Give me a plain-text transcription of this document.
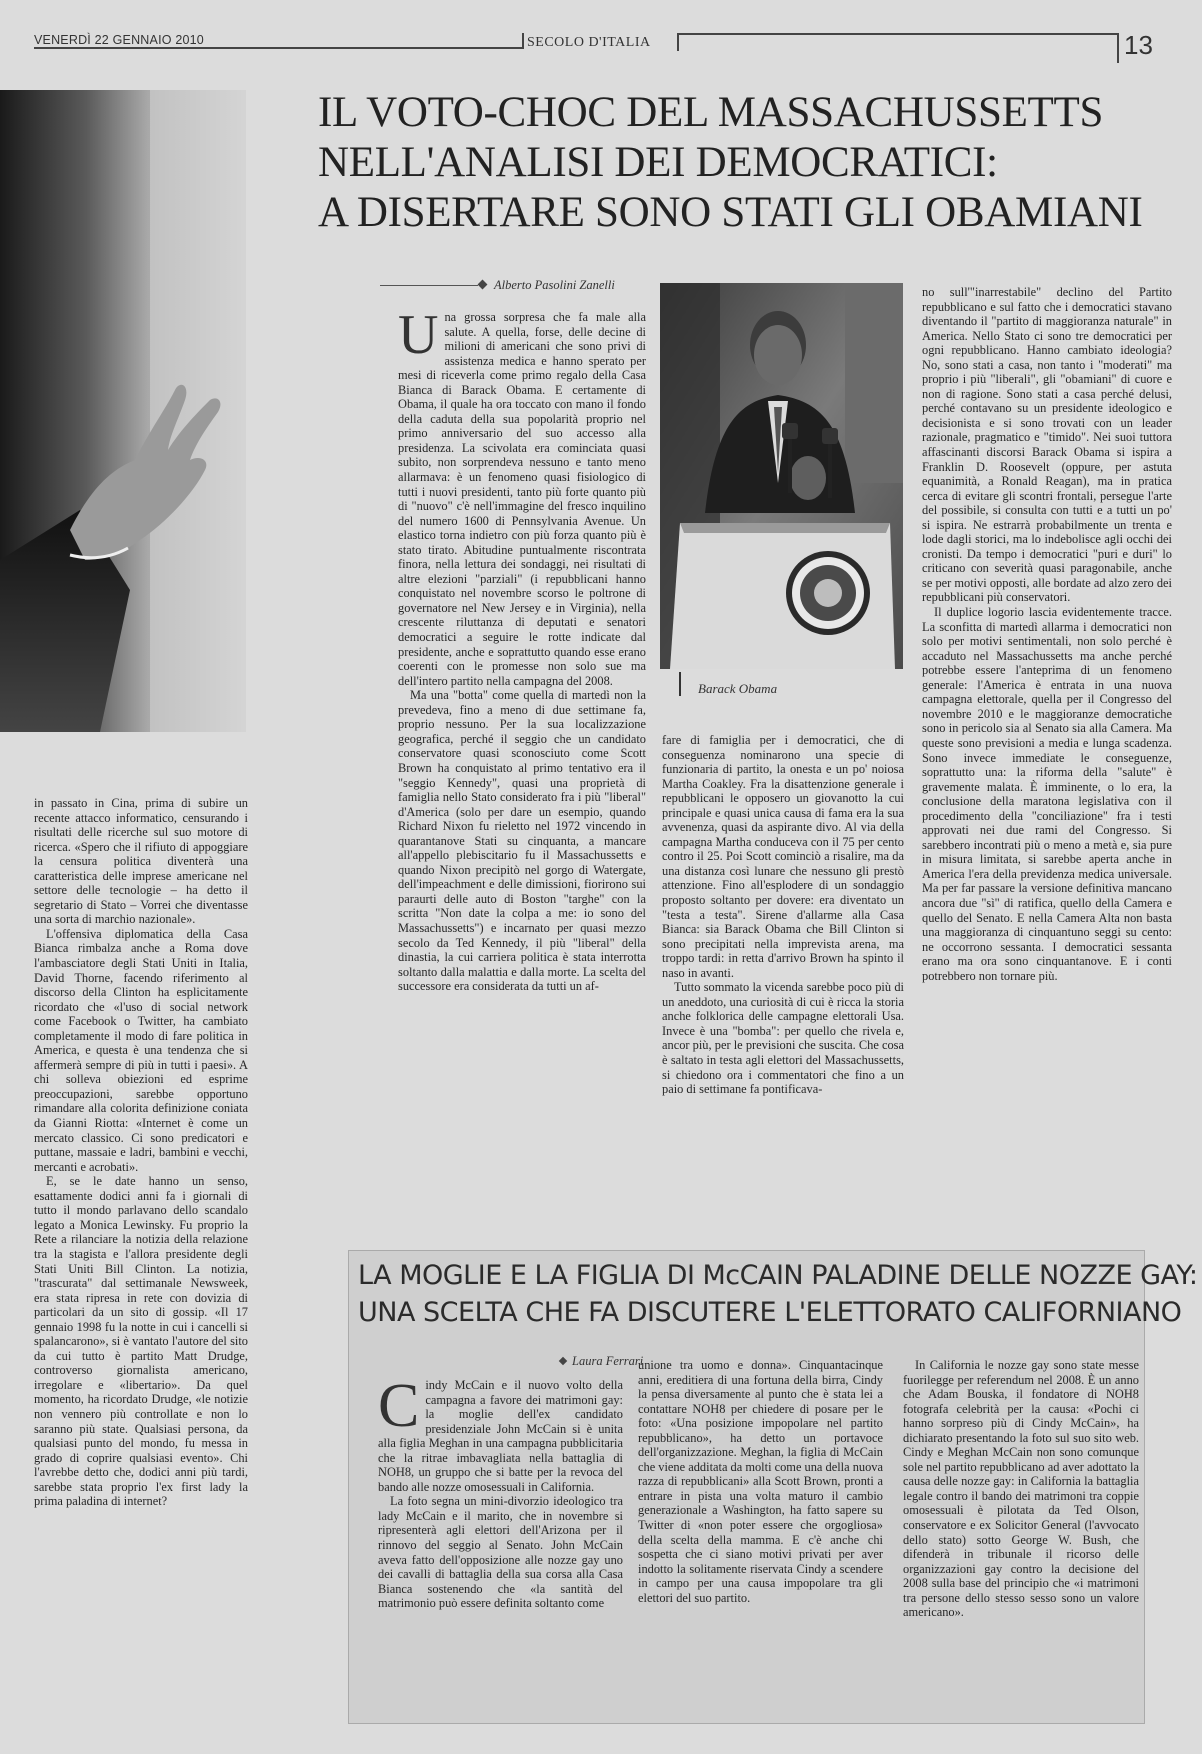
VENERDÌ 22 GENNAIO 2010	SECOLO D'ITALIA	13
IL VOTO-CHOC DEL MASSACHUSSETTS
NELL'ANALISI DEI DEMOCRATICI:
A DISERTARE SONO STATI GLI OBAMIANI
Alberto Pasolini Zanelli

Una grossa sorpresa che fa male alla salute. A quella, forse, delle decine di milioni di americani che sono privi di assistenza medica e hanno sperato per mesi di riceverla come primo regalo della Casa Bianca di Barack Obama. E certamente di Obama, il quale ha ora toccato con mano il fondo della caduta della sua popolarità proprio nel primo anniversario del suo accesso alla presidenza. La scivolata era cominciata quasi subito, non sorprendeva nessuno e tanto meno allarmava: è un fenomeno quasi fisiologico di tutti i nuovi presidenti, tanto più forte quanto più di "nuovo" c'è nell'immagine del fresco inquilino del numero 1600 di Pennsylvania Avenue. Un elastico torna indietro con più forza quanto più è stato tirato. Abitudine puntualmente riscontrata finora, nella lettura dei sondaggi, nei risultati di altre elezioni "parziali" (i repubblicani hanno conquistato nel novembre scorso le poltrone di governatore nel New Jersey e in Virginia), nella crescente riluttanza di deputati e senatori democratici a seguire le rotte indicate dal presidente, anche e soprattutto quando esse erano coerenti con le promesse non solo sue ma dell'intero partito nella campagna del 2008.

Ma una "botta" come quella di martedì non la prevedeva, fino a meno di due settimane fa, proprio nessuno. Per la sua localizzazione geografica, perché il seggio che un candidato conservatore quasi sconosciuto come Scott Brown ha conquistato al primo tentativo era il "seggio Kennedy", quasi una proprietà di famiglia nello Stato considerato fra i più "liberal" d'America (solo per dare un esempio, quando Richard Nixon fu rieletto nel 1972 vincendo in quarantanove Stati su cinquanta, a mancare all'appello plebiscitario fu il Massachussetts e quando Nixon precipitò nel gorgo di Watergate, dell'impeachment e delle dimissioni, fiorirono sui paraurti delle auto di Boston "targhe" con la scritta "Non date la colpa a me: io sono del Massachussetts") e incarnato per quasi mezzo secolo da Ted Kennedy, il più "liberal" della dinastia, la cui carriera politica è stata interrotta soltanto dalla malattia e dalla morte. La scelta del successore era considerata da tutti un af-

Barack Obama

fare di famiglia per i democratici, che di conseguenza nominarono una specie di funzionaria di partito, la onesta e un po' noiosa Martha Coakley. Fra la disattenzione generale i repubblicani le opposero un giovanotto la cui principale e quasi unica causa di fama era la sua avvenenza, quasi da aspirante divo. Al via della campagna Martha conduceva con il 75 per cento contro il 25. Poi Scott cominciò a risalire, ma da una distanza così lunare che nessuno gli prestò attenzione. Fino all'esplodere di un sondaggio proposto soltanto per dovere: era diventato un "testa a testa". Sirene d'allarme alla Casa Bianca: sia Barack Obama che Bill Clinton si sono precipitati nella imprevista arena, ma troppo tardi: in retta d'arrivo Brown ha spinto il naso in avanti.

Tutto sommato la vicenda sarebbe poco più di un aneddoto, una curiosità di cui è ricca la storia anche folklorica delle campagne elettorali Usa. Invece è una "bomba": per quello che rivela e, ancor più, per le previsioni che suscita. Che cosa è saltato in testa agli elettori del Massachussetts, si chiedono ora i commentatori che fino a un paio di settimane fa pontificava-

no sull'"inarrestabile" declino del Partito repubblicano e sul fatto che i democratici stavano diventando il "partito di maggioranza naturale" in America. Nello Stato ci sono tre democratici per ogni repubblicano. Hanno cambiato ideologia? No, sono stati a casa, non tanto i "moderati" ma proprio i più "liberali", gli "obamiani" di cuore e non di ragione. Sono stati a casa perché delusi, perché contavano su un presidente ideologico e decisionista e si sono trovati con un leader razionale, pragmatico e "timido". Nei suoi tuttora affascinanti discorsi Barack Obama si ispira a Franklin D. Roosevelt (oppure, per astuta equanimità, a Ronald Reagan), ma in pratica cerca di evitare gli scontri frontali, persegue l'arte del possibile, si consulta con tutti e a tutti un po' si ispira. Ne estrarrà probabilmente un trenta e lode dagli storici, ma lo indebolisce agli occhi dei cronisti. Da tempo i democratici "puri e duri" lo criticano con severità quasi paragonabile, anche se per motivi opposti, alle bordate ad alzo zero dei repubblicani più conservatori.

Il duplice logorio lascia evidentemente tracce. La sconfitta di martedì allarma i democratici non solo per motivi sentimentali, non solo perché è accaduto nel Massachussetts ma anche perché potrebbe essere l'anteprima di un fenomeno generale: l'America è entrata in una nuova campagna elettorale, quella per il Congresso del novembre 2010 e le maggioranze democratiche sono in pericolo sia al Senato sia alla Camera. Ma queste sono previsioni a media e lunga scadenza. Sono invece immediate le conseguenze, soprattutto una: la riforma della "salute" è gravemente malata. È imminente, o lo era, la conclusione della maratona legislativa con il procedimento della "conciliazione" fra i testi approvati nei due rami del Congresso. Si sarebbero incontrati più o meno a metà e, sia pure in misura limitata, si sarebbe aperta anche in America l'era della previdenza medica universale. Ma per far passare la versione definitiva mancano ancora due "sì" di ratifica, quello della Camera e quello del Senato. E nella Camera Alta non basta una maggioranza di cinquantuno seggi su cento: ne occorrono sessanta. I democratici sessanta erano ma ora sono cinquantanove. E i conti potrebbero non tornare più.

in passato in Cina, prima di subire un recente attacco informatico, censurando i risultati delle ricerche sul suo motore di ricerca. «Spero che il rifiuto di appoggiare la censura politica diventerà una caratteristica delle imprese americane nel settore delle tecnologie – ha detto il segretario di Stato – Vorrei che diventasse una sorta di marchio nazionale».

L'offensiva diplomatica della Casa Bianca rimbalza anche a Roma dove l'ambasciatore degli Stati Uniti in Italia, David Thorne, facendo riferimento al discorso della Clinton ha esplicitamente ricordato che «l'uso di social network come Facebook o Twitter, ha cambiato completamente il modo di fare politica in America, e questa è una tendenza che si affermerà sempre di più in tutti i paesi». A chi solleva obiezioni ed esprime preoccupazioni, sarebbe opportuno rimandare alla colorita definizione coniata da Gianni Riotta: «Internet è come un mercato classico. Ci sono predicatori e puttane, massaie e ladri, bambini e vecchi, mercanti e acrobati».

E, se le date hanno un senso, esattamente dodici anni fa i giornali di tutto il mondo parlavano dello scandalo legato a Monica Lewinsky. Fu proprio la Rete a rilanciare la notizia della relazione tra la stagista e l'allora presidente degli Stati Uniti Bill Clinton. La notizia, "trascurata" dal settimanale Newsweek, era stata ripresa in rete con dovizia di particolari da un sito di gossip. «Il 17 gennaio 1998 fu la notte in cui i cancelli si spalancarono», si è vantato l'autore del sito da cui tutto è partito Matt Drudge, controverso giornalista americano, irregolare e «libertario». Da quel momento, ha ricordato Drudge, «le notizie non vennero più controllate e non lo saranno più state. Qualsiasi persona, da qualsiasi punto del mondo, fu messa in grado di coprire qualsiasi evento». Chi l'avrebbe detto che, dodici anni più tardi, sarebbe stata proprio l'ex first lady la prima paladina di internet?

LA MOGLIE E LA FIGLIA DI McCAIN PALADINE DELLE NOZZE GAY:
UNA SCELTA CHE FA DISCUTERE L'ELETTORATO CALIFORNIANO
Laura Ferrari

Cindy McCain e il nuovo volto della campagna a favore dei matrimoni gay: la moglie dell'ex candidato presidenziale John McCain si è unita alla figlia Meghan in una campagna pubblicitaria che la ritrae imbavagliata nella battaglia di NOH8, un gruppo che si batte per la revoca del bando alle nozze omosessuali in California.

La foto segna un mini-divorzio ideologico tra lady McCain e il marito, che in novembre si ripresenterà agli elettori dell'Arizona per il rinnovo del seggio al Senato. John McCain aveva fatto dell'opposizione alle nozze gay uno dei cavalli di battaglia della sua corsa alla Casa Bianca sostenendo che «la santità del matrimonio può essere definita soltanto come

unione tra uomo e donna». Cinquantacinque anni, ereditiera di una fortuna della birra, Cindy la pensa diversamente al punto che è stata lei a contattare NOH8 per chiedere di posare per le foto: «Una posizione impopolare nel partito repubblicano», ha detto un portavoce dell'organizzazione. Meghan, la figlia di McCain che viene additata da molti come una della nuova razza di repubblicani» alla Scott Brown, pronti a entrare in pista una volta maturo il cambio generazionale a Washington, ha fatto sapere su Twitter di «non poter essere che orgogliosa» della scelta della mamma. E c'è anche chi sospetta che ci siano motivi privati per aver indotto la solitamente riservata Cindy a scendere in campo per una causa impopolare tra gli elettori del suo partito.

In California le nozze gay sono state messe fuorilegge per referendum nel 2008. È un anno che Adam Bouska, il fondatore di NOH8 fotografa celebrità per la causa: «Pochi ci hanno sorpreso più di Cindy McCain», ha dichiarato presentando la foto sul suo sito web. Cindy e Meghan McCain non sono comunque sole nel partito repubblicano ad aver adottato la causa delle nozze gay: in California la battaglia legale contro il bando dei matrimoni tra coppie omosessuali è pilotata da Ted Olson, conservatore e ex Solicitor General (l'avvocato dello stato) sotto George W. Bush, che difenderà in tribunale il ricorso delle organizzazioni gay contro la decisione del 2008 sulla base del principio che «i matrimoni tra persone dello stesso sesso sono un valore americano».
